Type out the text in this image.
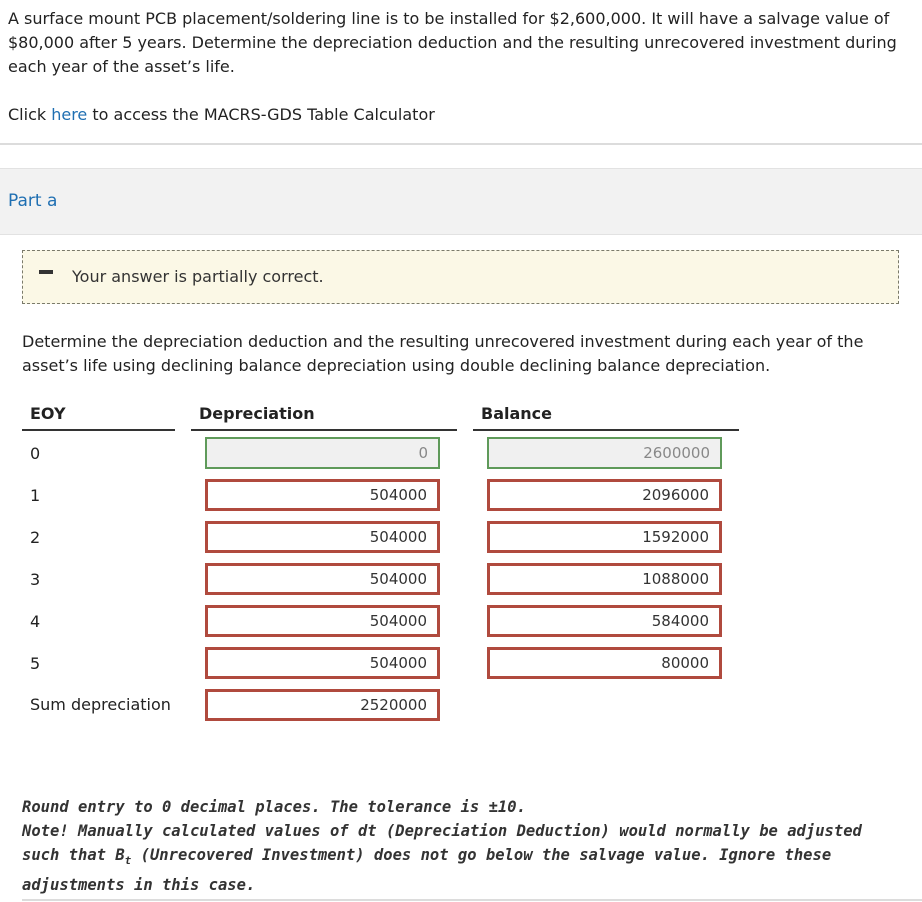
A surface mount PCB placement/soldering line is to be installed for $2,600,000. It will have a salvage value of $80,000 after 5 years. Determine the depreciation deduction and the resulting unrecovered investment during each year of the asset’s life.

Click here to access the MACRS-GDS Table Calculator

Part a
Your answer is partially correct.

Determine the depreciation deduction and the resulting unrecovered investment during each year of the asset’s life using declining balance depreciation using double declining balance depreciation.

EOY	Depreciation	Balance
0
0
2600000
1
504000
2096000
2
504000
1592000
3
504000
1088000
4
504000
584000
5
504000
80000
Sum depreciation
2520000

Round entry to 0 decimal places. The tolerance is ±10.
Note! Manually calculated values of dt (Depreciation Deduction) would normally be adjusted such that $B_t$ (Unrecovered Investment) does not go below the salvage value. Ignore these adjustments in this case.
